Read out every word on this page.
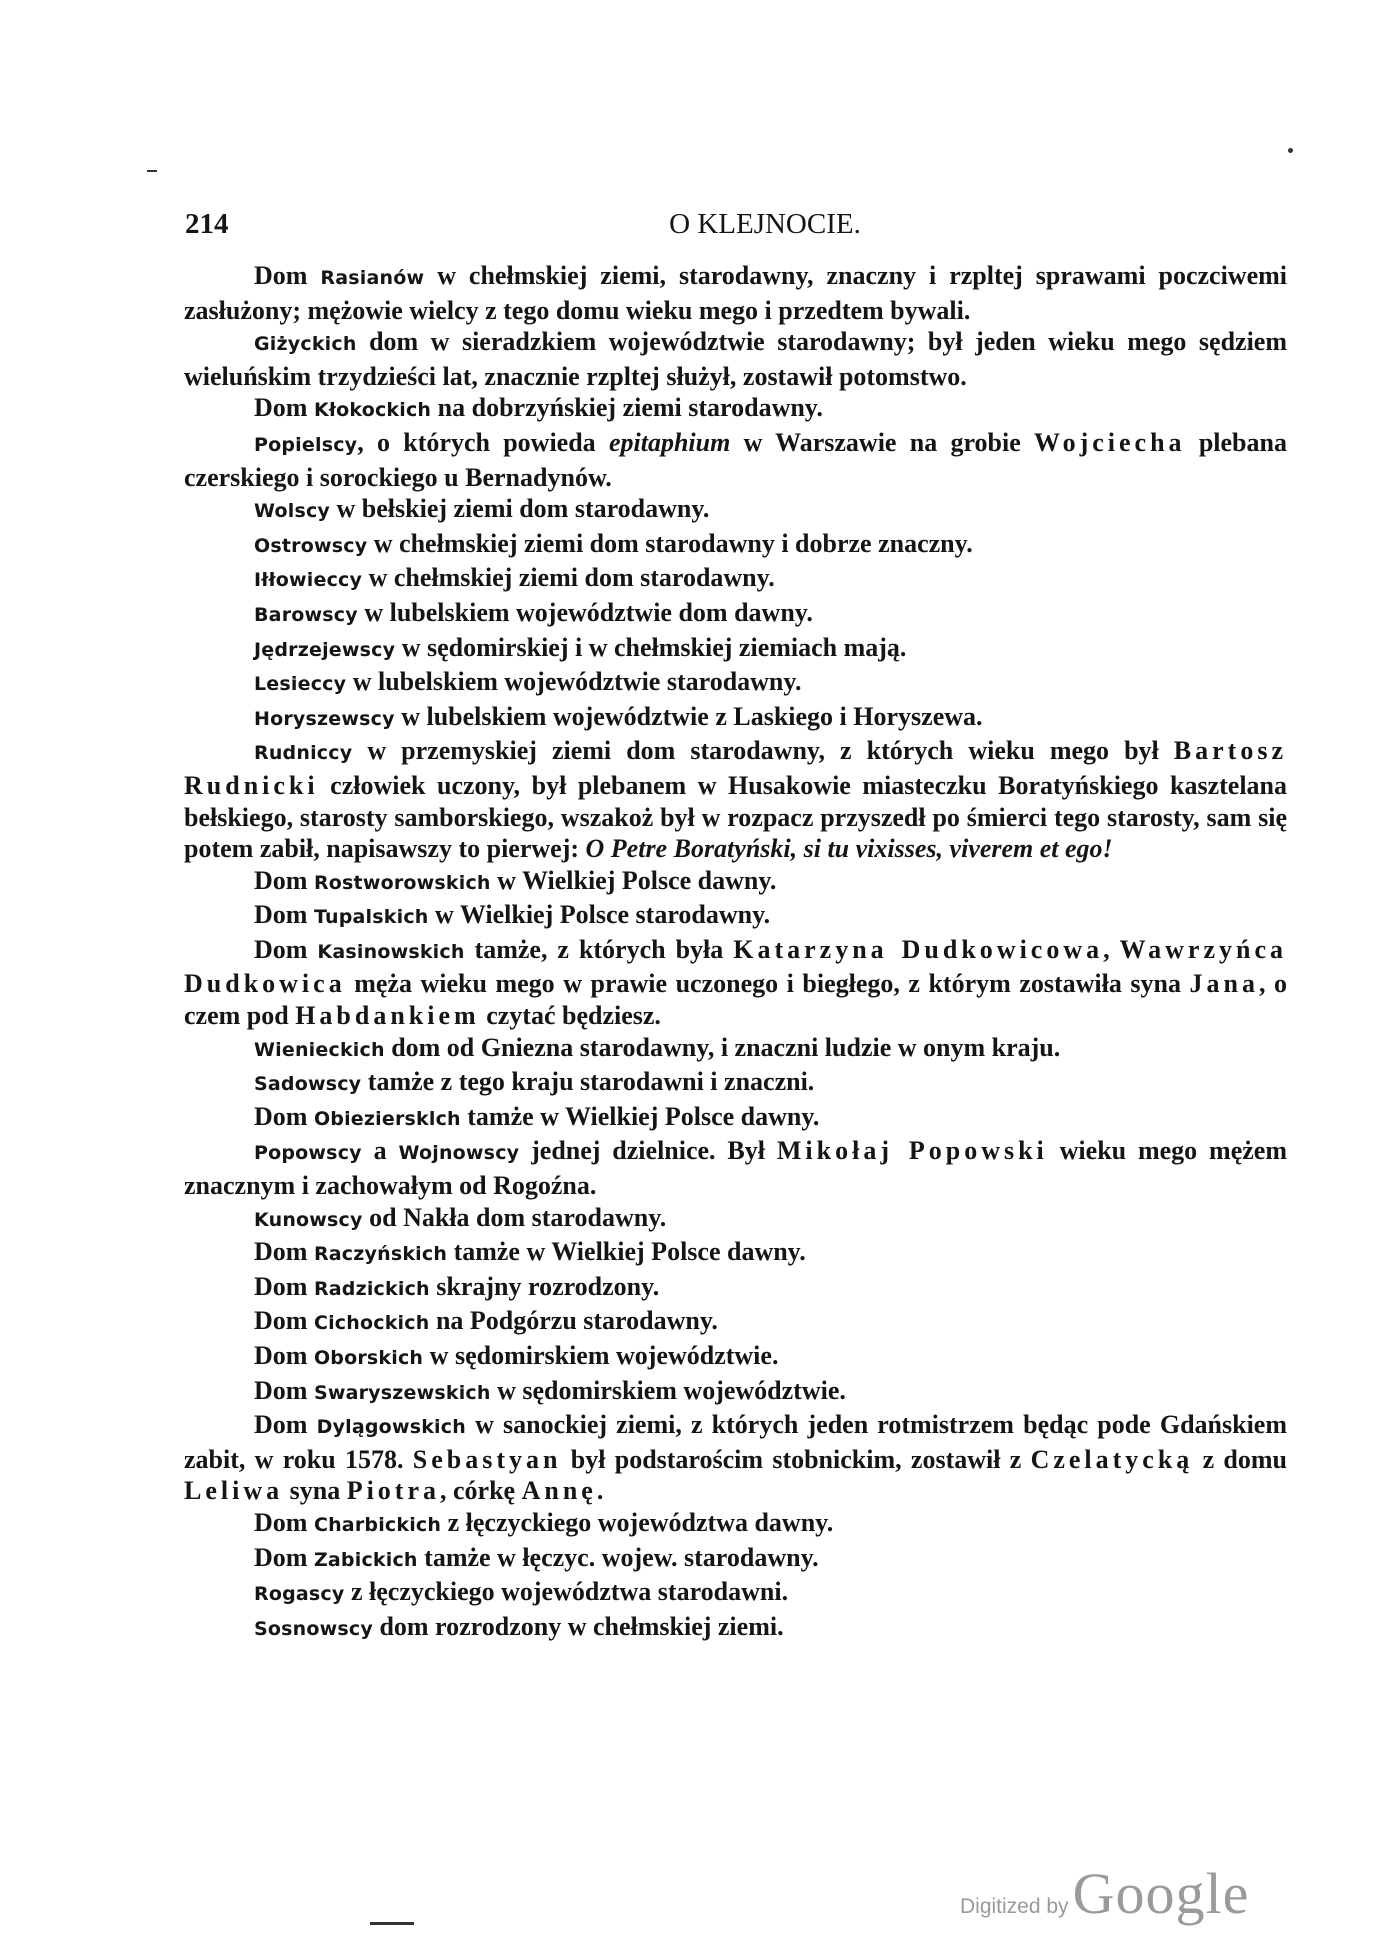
214	O KLEJNOCIE.

Dom Rasianów w chełmskiej ziemi, starodawny, znaczny i rzpltej sprawami poczciwemi zasłużony; mężowie wielcy z tego domu wieku mego i przedtem bywali.

Giżyckich dom w sieradzkiem województwie starodawny; był jeden wieku mego sędziem wieluńskim trzydzieści lat, znacznie rzpltej służył, zostawił potomstwo.

Dom Kłokockich na dobrzyńskiej ziemi starodawny.

Popielscy, o których powieda epitaphium w Warszawie na grobie Wojciecha plebana czerskiego i sorockiego u Bernadynów.

Wolscy w bełskiej ziemi dom starodawny.

Ostrowscy w chełmskiej ziemi dom starodawny i dobrze znaczny.

Iłłowieccy w chełmskiej ziemi dom starodawny.

Barowscy w lubelskiem województwie dom dawny.

Jędrzejewscy w sędomirskiej i w chełmskiej ziemiach mają.

Lesieccy w lubelskiem województwie starodawny.

Horyszewscy w lubelskiem województwie z Laskiego i Horyszewa.

Rudniccy w przemyskiej ziemi dom starodawny, z których wieku mego był Bartosz Rudnicki człowiek uczony, był plebanem w Husakowie miasteczku Boratyńskiego kasztelana bełskiego, starosty samborskiego, wszakoż był w rozpacz przyszedł po śmierci tego starosty, sam się potem zabił, napisawszy to pierwej: O Petre Boratyński, si tu vixisses, viverem et ego!

Dom Rostworowskich w Wielkiej Polsce dawny.

Dom Tupalskich w Wielkiej Polsce starodawny.

Dom Kasinowskich tamże, z których była Katarzyna Dudkowicowa, Wawrzyńca Dudkowica męża wieku mego w prawie uczonego i biegłego, z którym zostawiła syna Jana, o czem pod Habdankiem czytać będziesz.

Wienieckich dom od Gniezna starodawny, i znaczni ludzie w onym kraju.

Sadowscy tamże z tego kraju starodawni i znaczni.

Dom Obieziersklch tamże w Wielkiej Polsce dawny.

Popowscy a Wojnowscy jednej dzielnice. Był Mikołaj Popowski wieku mego mężem znacznym i zachowałym od Rogoźna.

Kunowscy od Nakła dom starodawny.

Dom Raczyńskich tamże w Wielkiej Polsce dawny.

Dom Radzickich skrajny rozrodzony.

Dom Cichockich na Podgórzu starodawny.

Dom Oborskich w sędomirskiem województwie.

Dom Swaryszewskich w sędomirskiem województwie.

Dom Dylągowskich w sanockiej ziemi, z których jeden rotmistrzem będąc pode Gdańskiem zabit, w roku 1578. Sebastyan był podstarościm stobnickim, zostawił z Czelatycką z domu Leliwa syna Piotra, córkę Annę.

Dom Charbickich z łęczyckiego województwa dawny.

Dom Zabickich tamże w łęczyc. wojew. starodawny.

Rogascy z łęczyckiego województwa starodawni.

Sosnowscy dom rozrodzony w chełmskiej ziemi.

Digitized byGoogle
